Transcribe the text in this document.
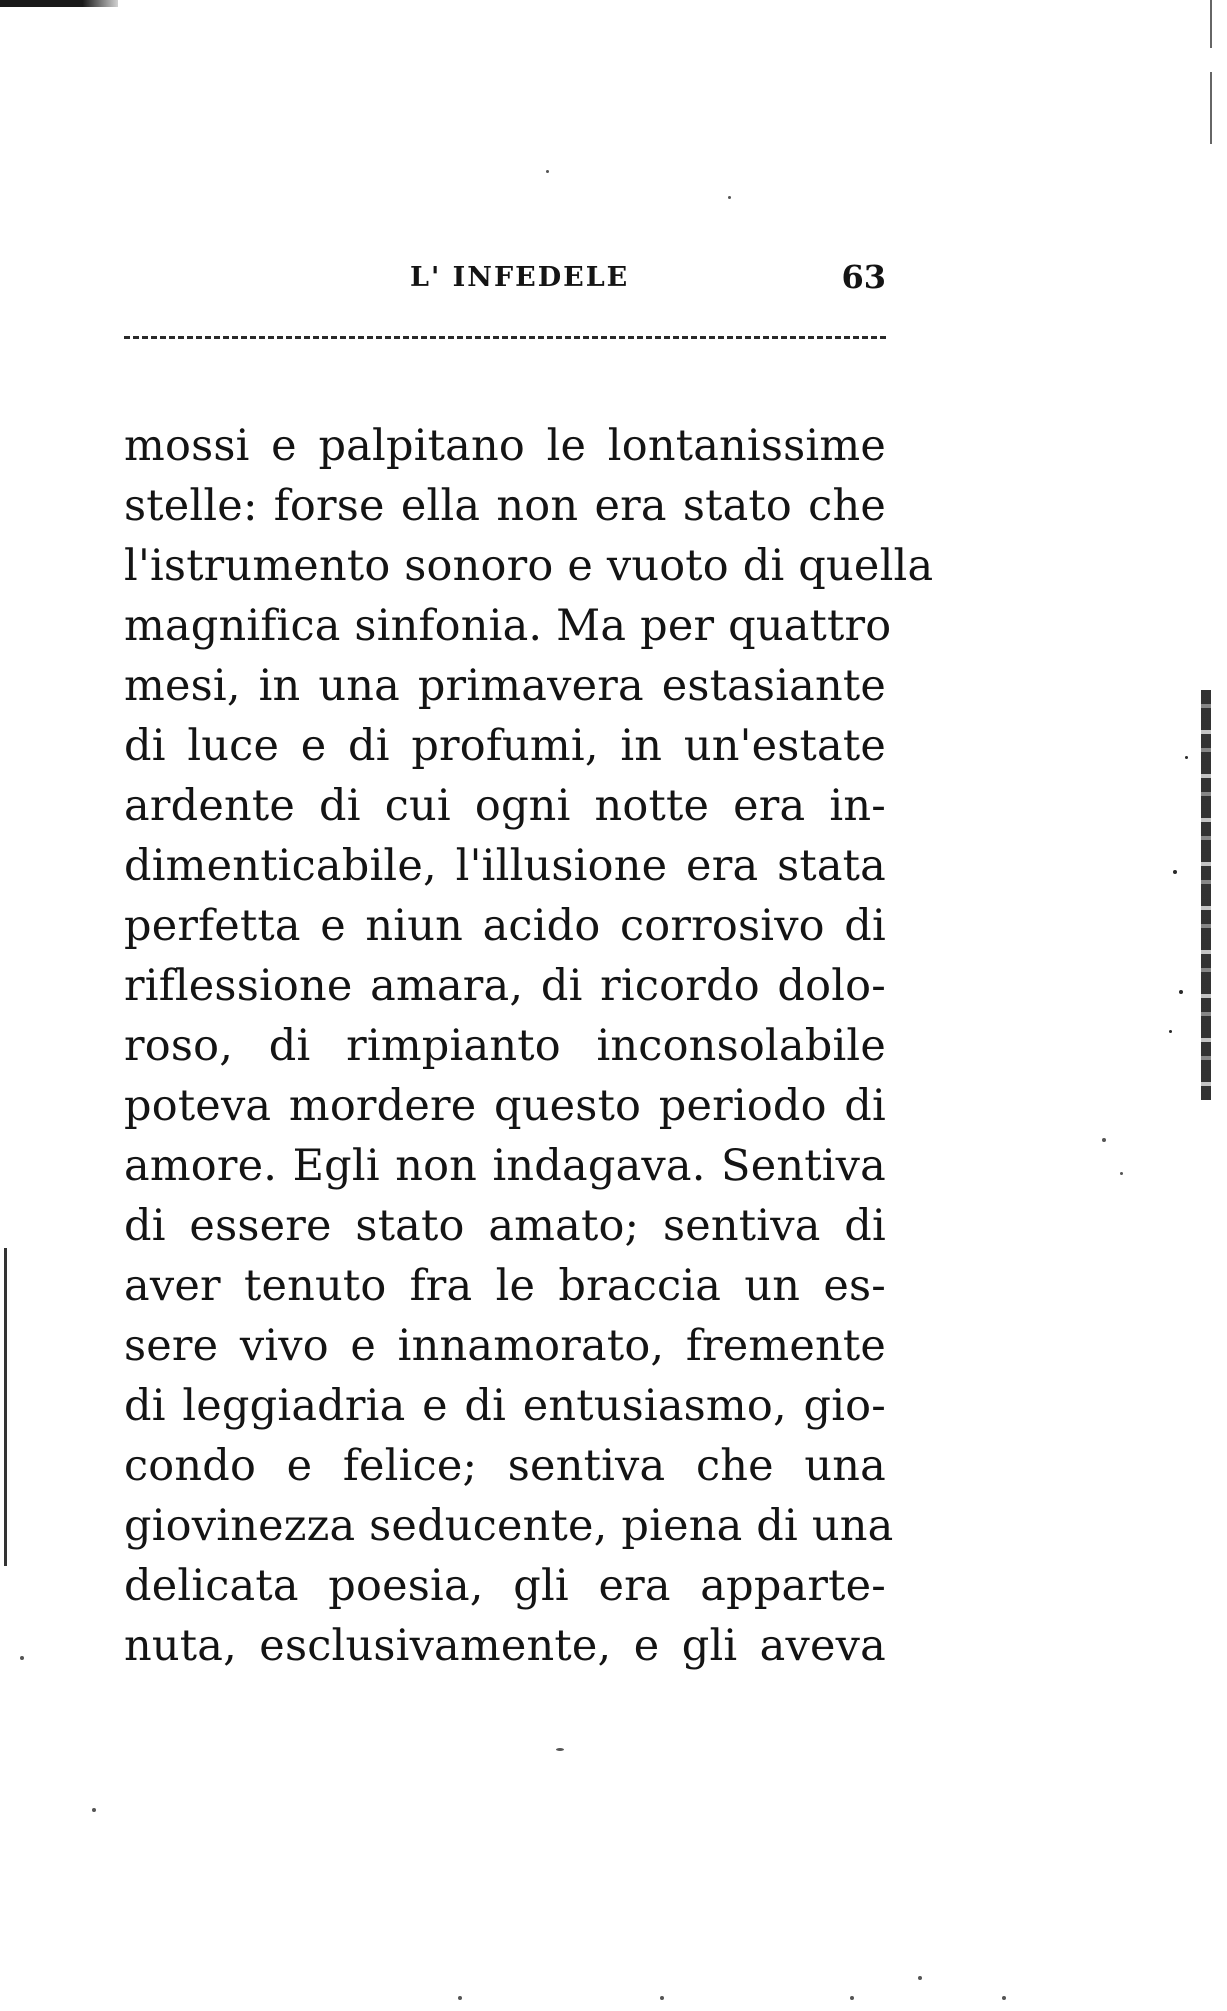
L' INFEDELE	63
mossi e palpitano le lontanissime
stelle: forse ella non era stato che
l'istrumento sonoro e vuoto di quella
magnifica sinfonia. Ma per quattro
mesi, in una primavera estasiante
di luce e di profumi, in un'estate
ardente di cui ogni notte era in-
dimenticabile, l'illusione era stata
perfetta e niun acido corrosivo di
riflessione amara, di ricordo dolo-
roso, di rimpianto inconsolabile
poteva mordere questo periodo di
amore. Egli non indagava. Sentiva
di essere stato amato; sentiva di
aver tenuto fra le braccia un es-
sere vivo e innamorato, fremente
di leggiadria e di entusiasmo, gio-
condo e felice; sentiva che una
giovinezza seducente, piena di una
delicata poesia, gli era apparte-
nuta, esclusivamente, e gli aveva
